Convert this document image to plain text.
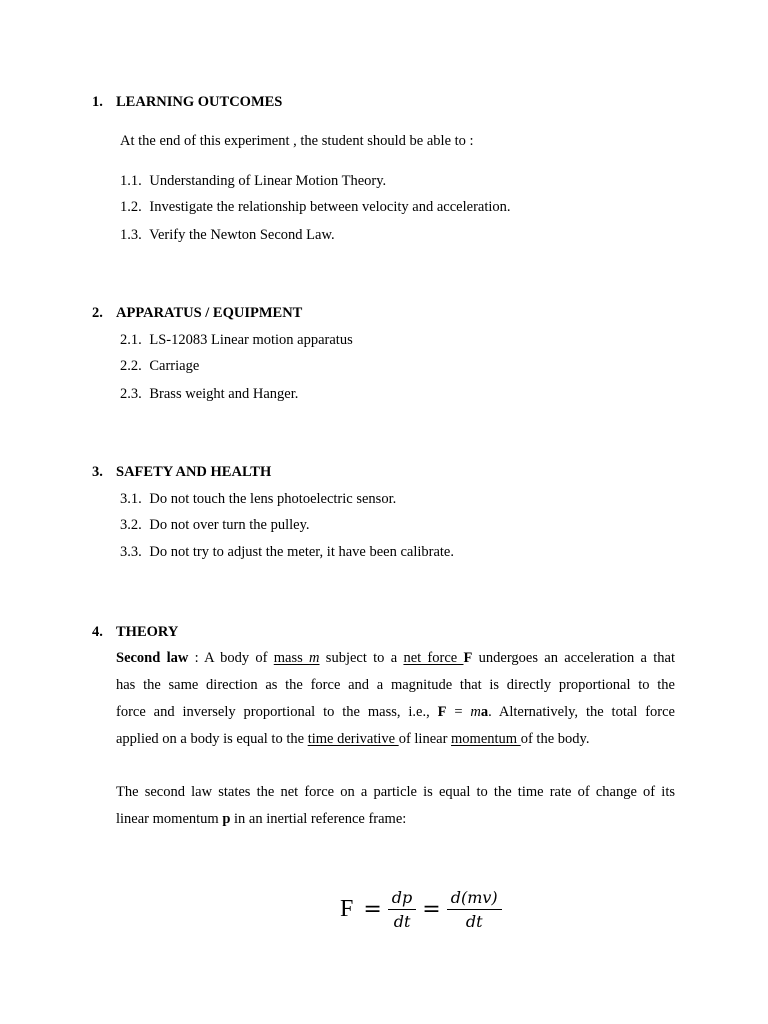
1. LEARNING OUTCOMES

At the end of this experiment , the student should be able to :

1.1. Understanding of Linear Motion Theory.

1.2. Investigate the relationship between velocity and acceleration.

1.3. Verify the Newton Second Law.

2. APPARATUS / EQUIPMENT

2.1. LS-12083 Linear motion apparatus

2.2. Carriage

2.3. Brass weight and Hanger.

3. SAFETY AND HEALTH

3.1. Do not touch the lens photoelectric sensor.

3.2. Do not over turn the pulley.

3.3. Do not try to adjust the meter, it have been calibrate.

4. THEORY
Second law : A body of mass m subject to a net force F undergoes an acceleration a that
has the same direction as the force and a magnitude that is directly proportional to the
force and inversely proportional to the mass, i.e., F = ma. Alternatively, the total force
applied on a body is equal to the time derivative of linear momentum of the body.
The second law states the net force on a particle is equal to the time rate of change of its
linear momentum p in an inertial reference frame:
$F = \frac{dp}{dt} = \frac{d(mv)}{dt}$
